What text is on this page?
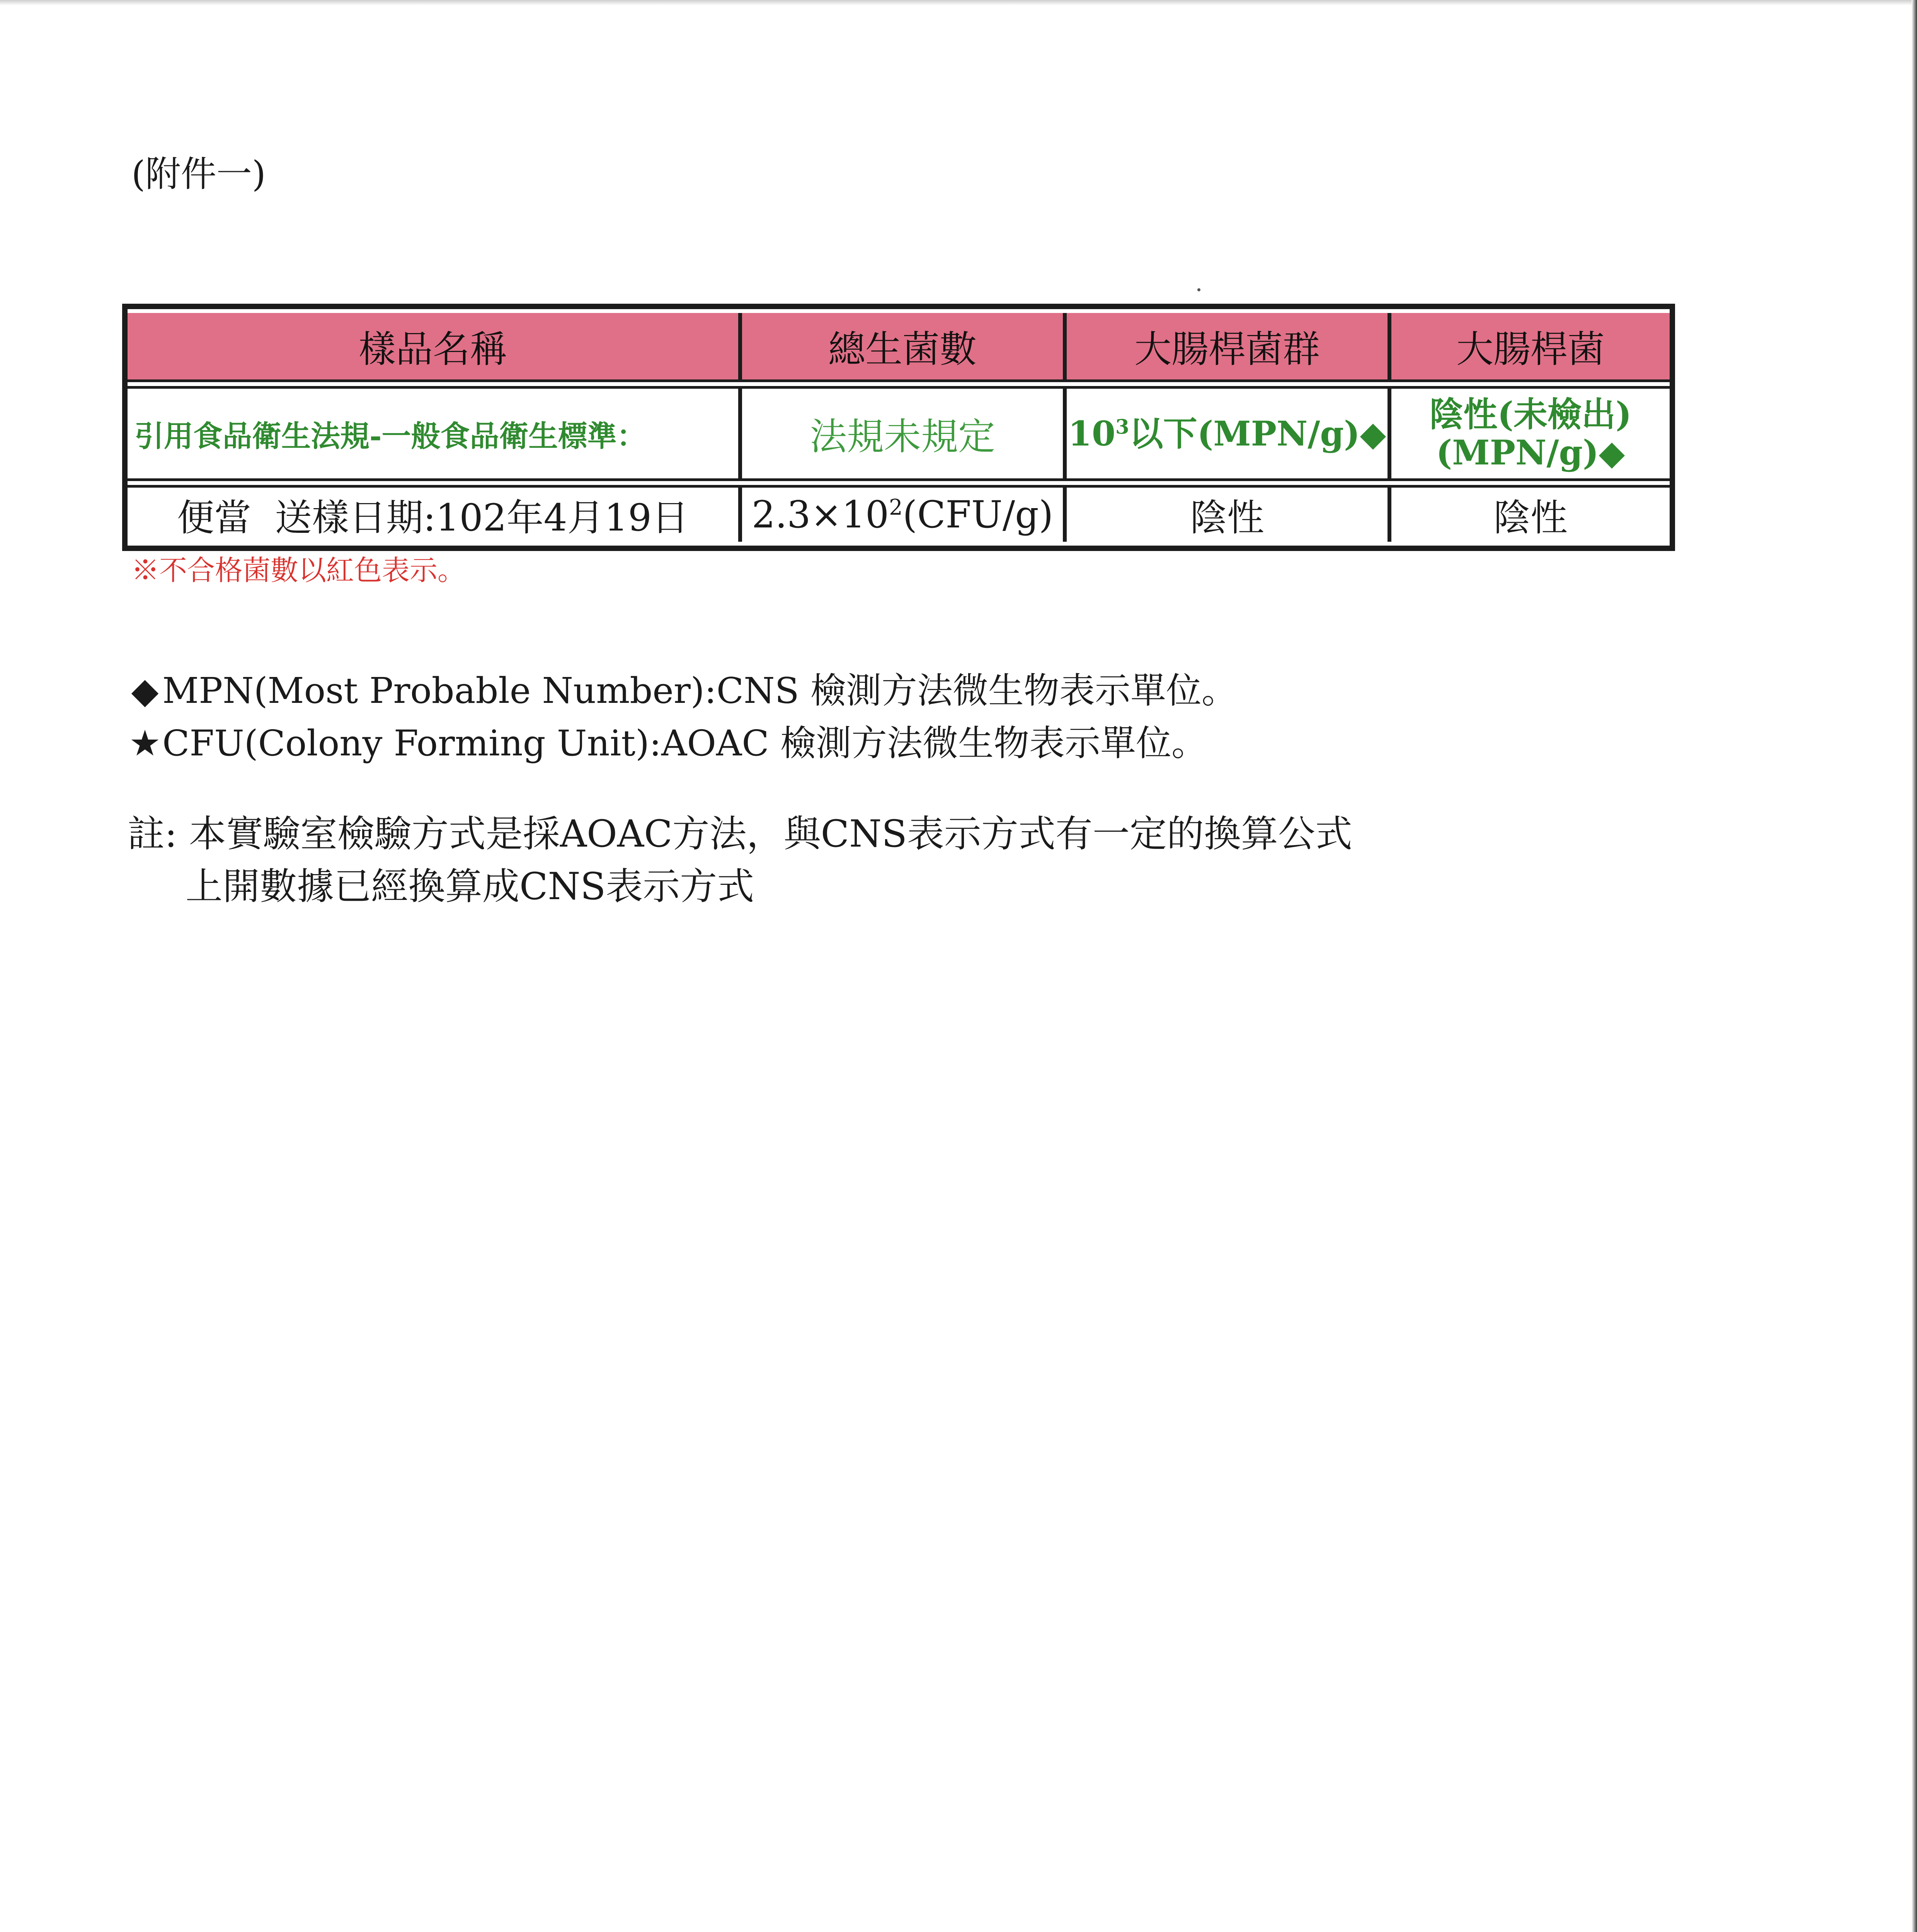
(附件一)
樣品名稱	總生菌數	大腸桿菌群	大腸桿菌
引用食品衛生法規-一般食品衛生標準：	法規未規定	$10^3$以下(MPN/g)◆	陰性(未檢出)
(MPN/g)◆

便當  送樣日期:102年4月19日	$2.3\times 10^2(CFU/g)$	陰性	陰性
※不合格菌數以紅色表示。
◆ MPN(Most Probable Number):CNS 檢測方法微生物表示單位。
★CFU(Colony Forming Unit):AOAC 檢測方法微生物表示單位。
註: 本實驗室檢驗方式是採AOAC方法，與CNS表示方式有一定的換算公式
上開數據已經換算成CNS表示方式
